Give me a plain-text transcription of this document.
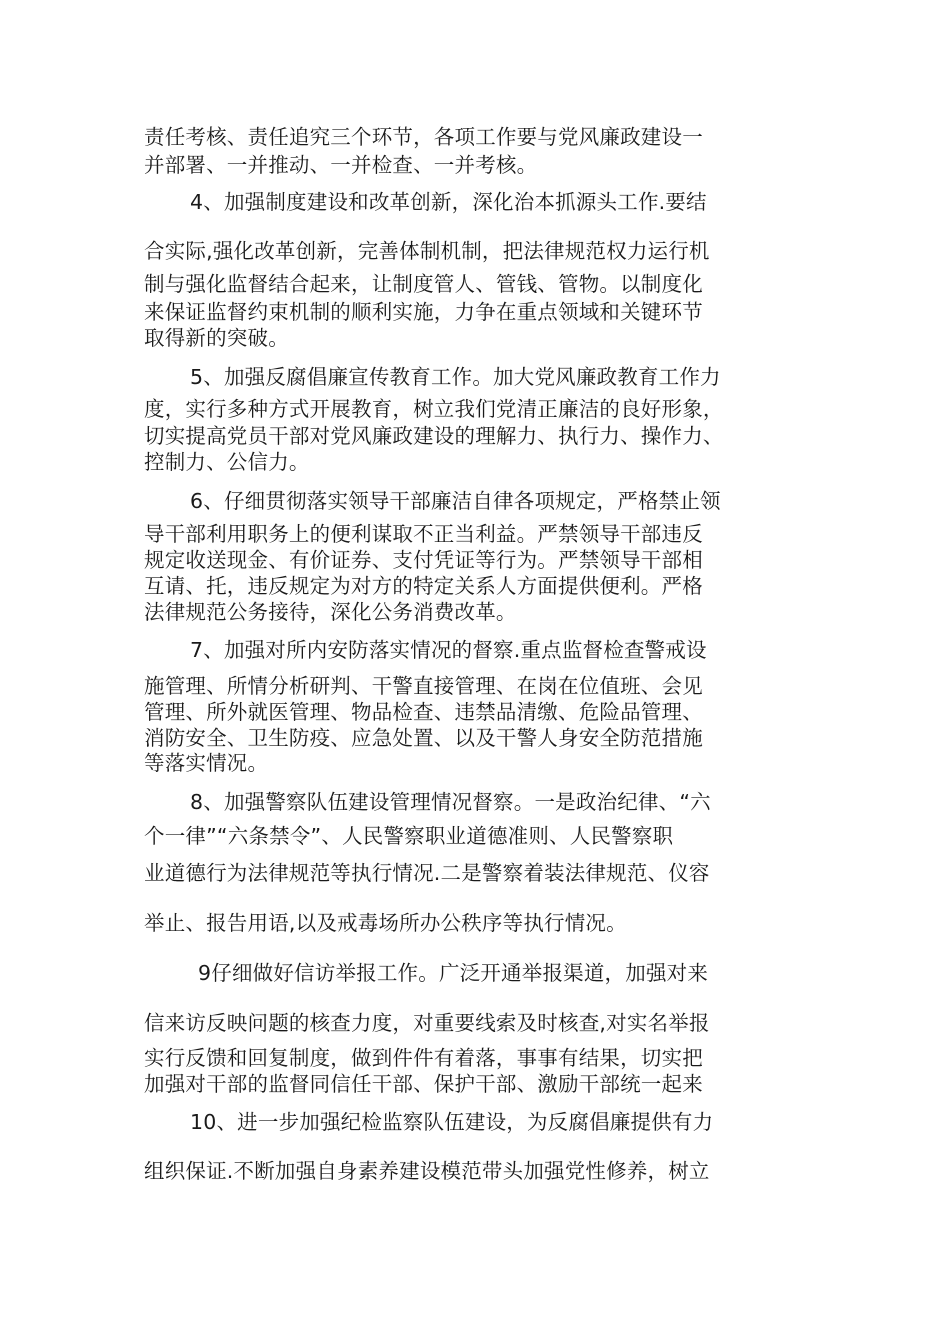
责任考核、责任追究三个环节，各项工作要与党风廉政建设一
并部署、一并推动、一并检查、一并考核。
4、加强制度建设和改革创新，深化治本抓源头工作.要结
合实际,强化改革创新，完善体制机制，把法律规范权力运行机
制与强化监督结合起来，让制度管人、管钱、管物。以制度化
来保证监督约束机制的顺利实施，力争在重点领域和关键环节
取得新的突破。
5、加强反腐倡廉宣传教育工作。加大党风廉政教育工作力
度，实行多种方式开展教育，树立我们党清正廉洁的良好形象，
切实提高党员干部对党风廉政建设的理解力、执行力、操作力、
控制力、公信力。
6、仔细贯彻落实领导干部廉洁自律各项规定，严格禁止领
导干部利用职务上的便利谋取不正当利益。严禁领导干部违反
规定收送现金、有价证券、支付凭证等行为。严禁领导干部相
互请、托，违反规定为对方的特定关系人方面提供便利。严格
法律规范公务接待，深化公务消费改革。
7、加强对所内安防落实情况的督察.重点监督检查警戒设
施管理、所情分析研判、干警直接管理、在岗在位值班、会见
管理、所外就医管理、物品检查、违禁品清缴、危险品管理、
消防安全、卫生防疫、应急处置、以及干警人身安全防范措施
等落实情况。
8、加强警察队伍建设管理情况督察。一是政治纪律、“六
个一律”“六条禁令”、人民警察职业道德准则、人民警察职
业道德行为法律规范等执行情况.二是警察着装法律规范、仪容
举止、报告用语,以及戒毒场所办公秩序等执行情况。
9仔细做好信访举报工作。广泛开通举报渠道，加强对来
信来访反映问题的核查力度，对重要线索及时核查,对实名举报
实行反馈和回复制度，做到件件有着落，事事有结果，切实把
加强对干部的监督同信任干部、保护干部、激励干部统一起来
10、进一步加强纪检监察队伍建设，为反腐倡廉提供有力
组织保证.不断加强自身素养建设模范带头加强党性修养，树立
